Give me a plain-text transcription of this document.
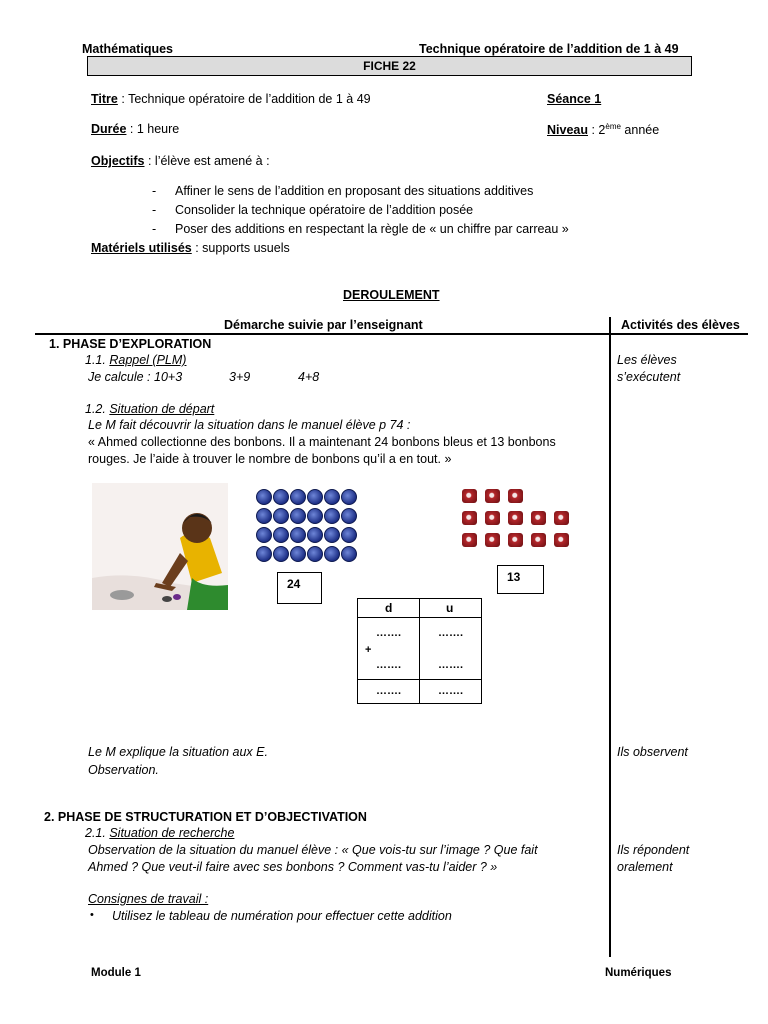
Mathématiques	Technique opératoire de l’addition de 1 à 49
FICHE 22
Titre : Technique opératoire de l’addition de 1 à 49	Séance 1
Durée : 1 heure	Niveau : 2ème année
Objectifs : l’élève est amené à :
- Affiner le sens de l’addition en proposant des situations additives
- Consolider la technique opératoire de l’addition posée
- Poser des additions en respectant la règle de « un chiffre par carreau »
Matériels utilisés : supports usuels
DEROULEMENT
Démarche suivie par l’enseignant	Activités des élèves
1. PHASE D’EXPLORATION
1.1. Rappel (PLM)
Je calcule : 10+3	3+9	4+8
Les élèves
s’exécutent
1.2. Situation de départ
Le M fait découvrir la situation dans le manuel élève p 74 :
« Ahmed collectionne des bonbons. Il a maintenant 24 bonbons bleus et 13 bonbons
rouges. Je l’aide à trouver le nombre de bonbons qu’il a en tout. »
24	13
d	u
…….	…….
+
…….	…….
…….	…….
Le M explique la situation aux E.
Observation.
Ils observent
2. PHASE DE STRUCTURATION ET D’OBJECTIVATION
2.1. Situation de recherche
Observation de la situation du manuel élève : « Que vois-tu sur l’image ? Que fait
Ahmed ? Que veut-il faire avec ses bonbons ? Comment vas-tu l’aider ? »
Ils répondent
oralement
Consignes de travail :
• Utilisez le tableau de numération pour effectuer cette addition
Module 1	Numériques
